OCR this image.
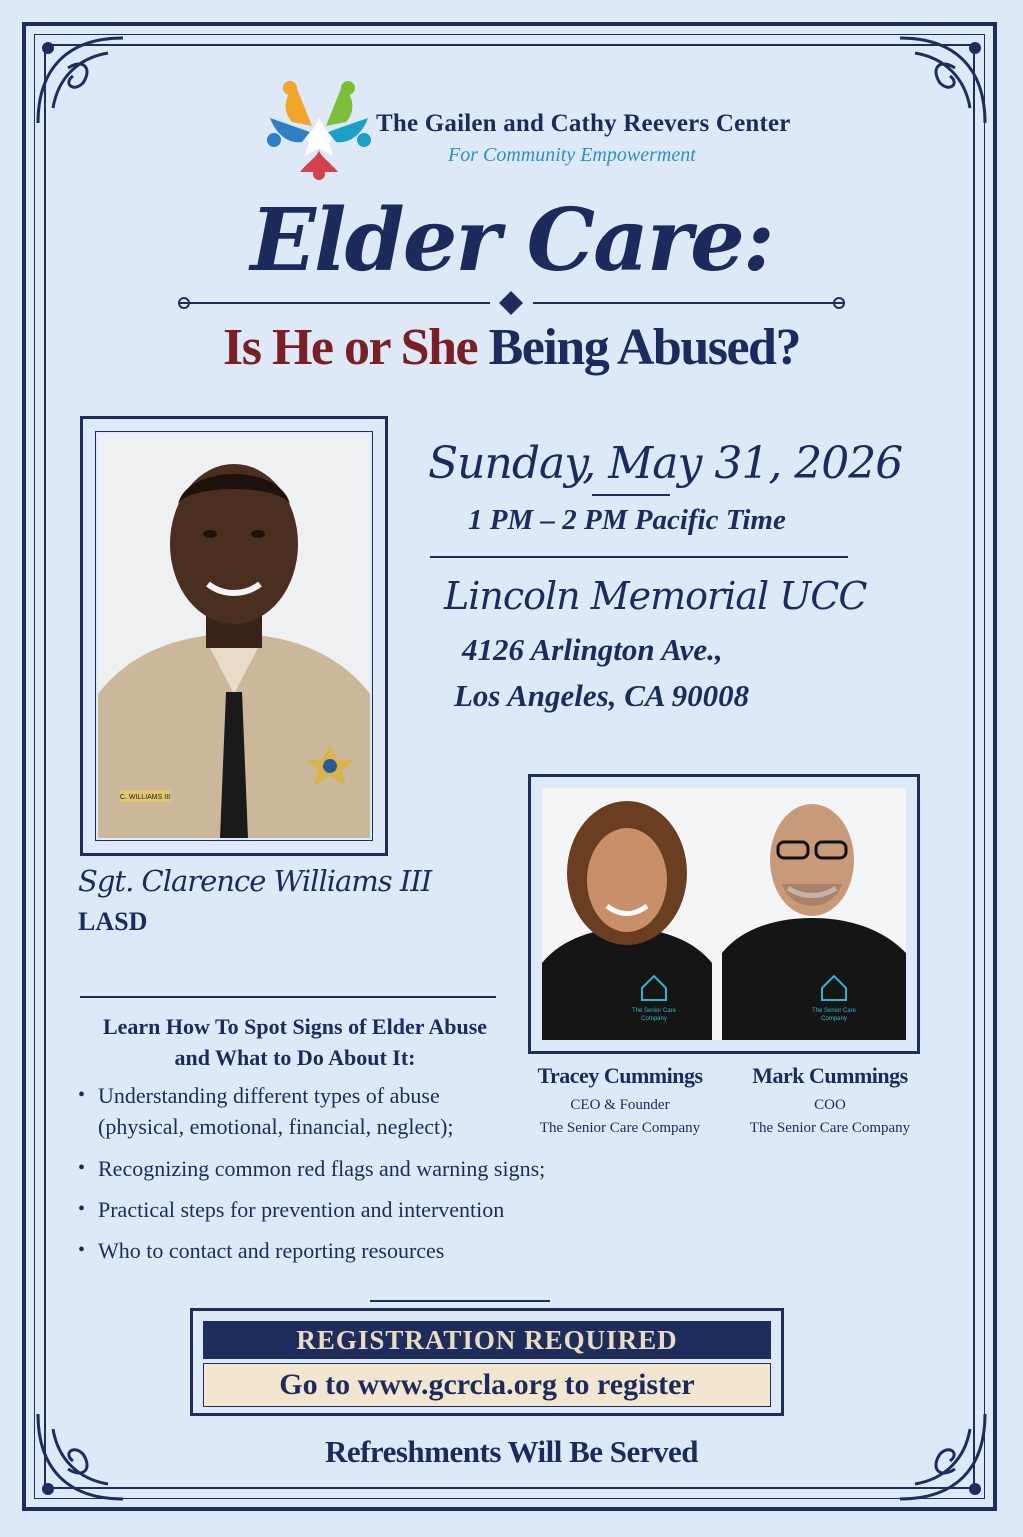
The Gailen and Cathy Reevers Center
For Community Empowerment
Elder Care:
Is He or She Being Abused?
C. WILLIAMS III
Sunday, May 31, 2026
1 PM – 2 PM Pacific Time
Lincoln Memorial UCC
4126 Arlington Ave.,
Los Angeles, CA 90008
Sgt. Clarence Williams III
LASD
Learn How To Spot Signs of Elder Abuse
and What to Do About It:
• Understanding different types of abuse
(physical, emotional, financial, neglect);
• Recognizing common red flags and warning signs;
• Practical steps for prevention and intervention
• Who to contact and reporting resources
The Senior Care
Company
The Senior Care
Company
Tracey Cummings
CEO & Founder
The Senior Care Company
Mark Cummings
COO
The Senior Care Company
REGISTRATION REQUIRED
Go to www.gcrcla.org to register
Refreshments Will Be Served
